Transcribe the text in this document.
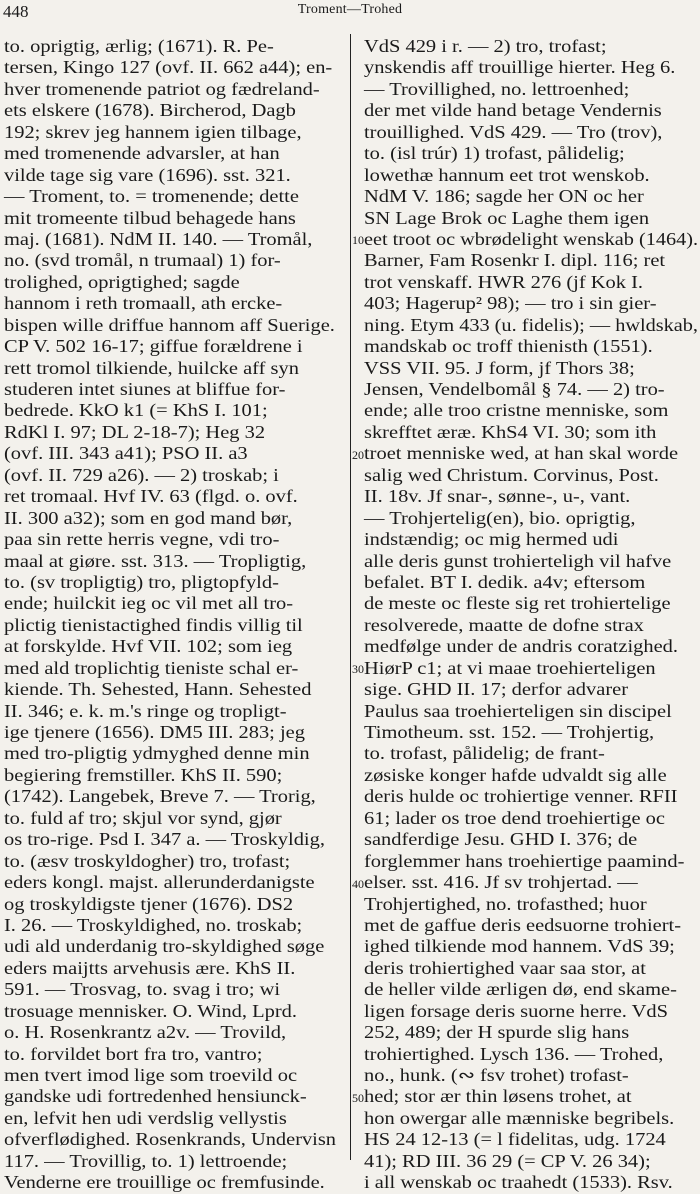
448	Troment—Trohed
10
20
30
40
50
to. oprigtig, ærlig; (1671). R. Pe-
tersen, Kingo 127 (ovf. II. 662 a44); en-
hver tromenende patriot og fædreland-
ets elskere (1678). Bircherod, Dagb
192; skrev jeg hannem igien tilbage,
med tromenende advarsler, at han
vilde tage sig vare (1696). sst. 321.
— Troment, to. = tromenende; dette
mit tromeente tilbud behagede hans
maj. (1681). NdM II. 140. — Tromål,
no. (svd tromål, n trumaal) 1) for-
trolighed, oprigtighed; sagde
hannom i reth tromaall, ath ercke-
bispen wille driffue hannom aff Suerige.
CP V. 502 16-17; giffue forældrene i
rett tromol tilkiende, huilcke aff syn
studeren intet siunes at bliffue for-
bedrede. KkO k1 (= KhS I. 101;
RdKl I. 97; DL 2-18-7); Heg 32
(ovf. III. 343 a41); PSO II. a3
(ovf. II. 729 a26). — 2) troskab; i
ret tromaal. Hvf IV. 63 (flgd. o. ovf.
II. 300 a32); som en god mand bør,
paa sin rette herris vegne, vdi tro-
maal at giøre. sst. 313. — Tropligtig,
to. (sv tropligtig) tro, pligtopfyld-
ende; huilckit ieg oc vil met all tro-
plictig tienistactighed findis villig til
at forskylde. Hvf VII. 102; som ieg
med ald troplichtig tieniste schal er-
kiende. Th. Sehested, Hann. Sehested
II. 346; e. k. m.'s ringe og tropligt-
ige tjenere (1656). DM5 III. 283; jeg
med tro-pligtig ydmyghed denne min
begiering fremstiller. KhS II. 590;
(1742). Langebek, Breve 7. — Trorig,
to. fuld af tro; skjul vor synd, gjør
os tro-rige. Psd I. 347 a. — Troskyldig,
to. (æsv troskyldogher) tro, trofast;
eders kongl. majst. allerunderdanigste
og troskyldigste tjener (1676). DS2
I. 26. — Troskyldighed, no. troskab;
udi ald underdanig tro-skyldighed søge
eders maijtts arvehusis ære. KhS II.
591. — Trosvag, to. svag i tro; wi
trosuage mennisker. O. Wind, Lprd.
o. H. Rosenkrantz a2v. — Trovild,
to. forvildet bort fra tro, vantro;
men tvert imod lige som troevild oc
gandske udi fortredenhed hensiunck-
en, lefvit hen udi verdslig vellystis
ofverflødighed. Rosenkrands, Undervisn
117. — Trovillig, to. 1) lettroende;
Venderne ere trouillige oc fremfusinde.
VdS 429 i r. — 2) tro, trofast;
ynskendis aff trouillige hierter. Heg 6.
— Trovillighed, no. lettroenhed;
der met vilde hand betage Vendernis
trouillighed. VdS 429. — Tro (trov),
to. (isl trúr) 1) trofast, pålidelig;
lowethæ hannum eet trot wenskob.
NdM V. 186; sagde her ON oc her
SN Lage Brok oc Laghe them igen
eet troot oc wbrødelight wenskab (1464).
Barner, Fam Rosenkr I. dipl. 116; ret
trot venskaff. HWR 276 (jf Kok I.
403; Hagerup² 98); — tro i sin gier-
ning. Etym 433 (u. fidelis); — hwldskab,
mandskab oc troff thienisth (1551).
VSS VII. 95. J form, jf Thors 38;
Jensen, Vendelbomål § 74. — 2) tro-
ende; alle troo cristne menniske, som
skrefftet æræ. KhS4 VI. 30; som ith
troet menniske wed, at han skal worde
salig wed Christum. Corvinus, Post.
II. 18v. Jf snar-, sønne-, u-, vant.
— Trohjertelig(en), bio. oprigtig,
indstændig; oc mig hermed udi
alle deris gunst trohierteligh vil hafve
befalet. BT I. dedik. a4v; eftersom
de meste oc fleste sig ret trohiertelige
resolverede, maatte de dofne strax
medfølge under de andris coratzighed.
HiørP c1; at vi maae troehierteligen
sige. GHD II. 17; derfor advarer
Paulus saa troehierteligen sin discipel
Timotheum. sst. 152. — Trohjertig,
to. trofast, pålidelig; de frant-
zøsiske konger hafde udvaldt sig alle
deris hulde oc trohiertige venner. RFII
61; lader os troe dend troehiertige oc
sandferdige Jesu. GHD I. 376; de
forglemmer hans troehiertige paamind-
elser. sst. 416. Jf sv trohjertad. —
Trohjertighed, no. trofasthed; huor
met de gaffue deris eedsuorne trohiert-
ighed tilkiende mod hannem. VdS 39;
deris trohiertighed vaar saa stor, at
de heller vilde ærligen dø, end skame-
ligen forsage deris suorne herre. VdS
252, 489; der H spurde slig hans
trohiertighed. Lysch 136. — Trohed,
no., hunk. (∾ fsv trohet) trofast-
hed; stor ær thin løsens trohet, at
hon owergar alle mænniske begribels.
HS 24 12-13 (= l fidelitas, udg. 1724
41); RD III. 36 29 (= CP V. 26 34);
i all wenskab oc traahedt (1533). Rsv.
